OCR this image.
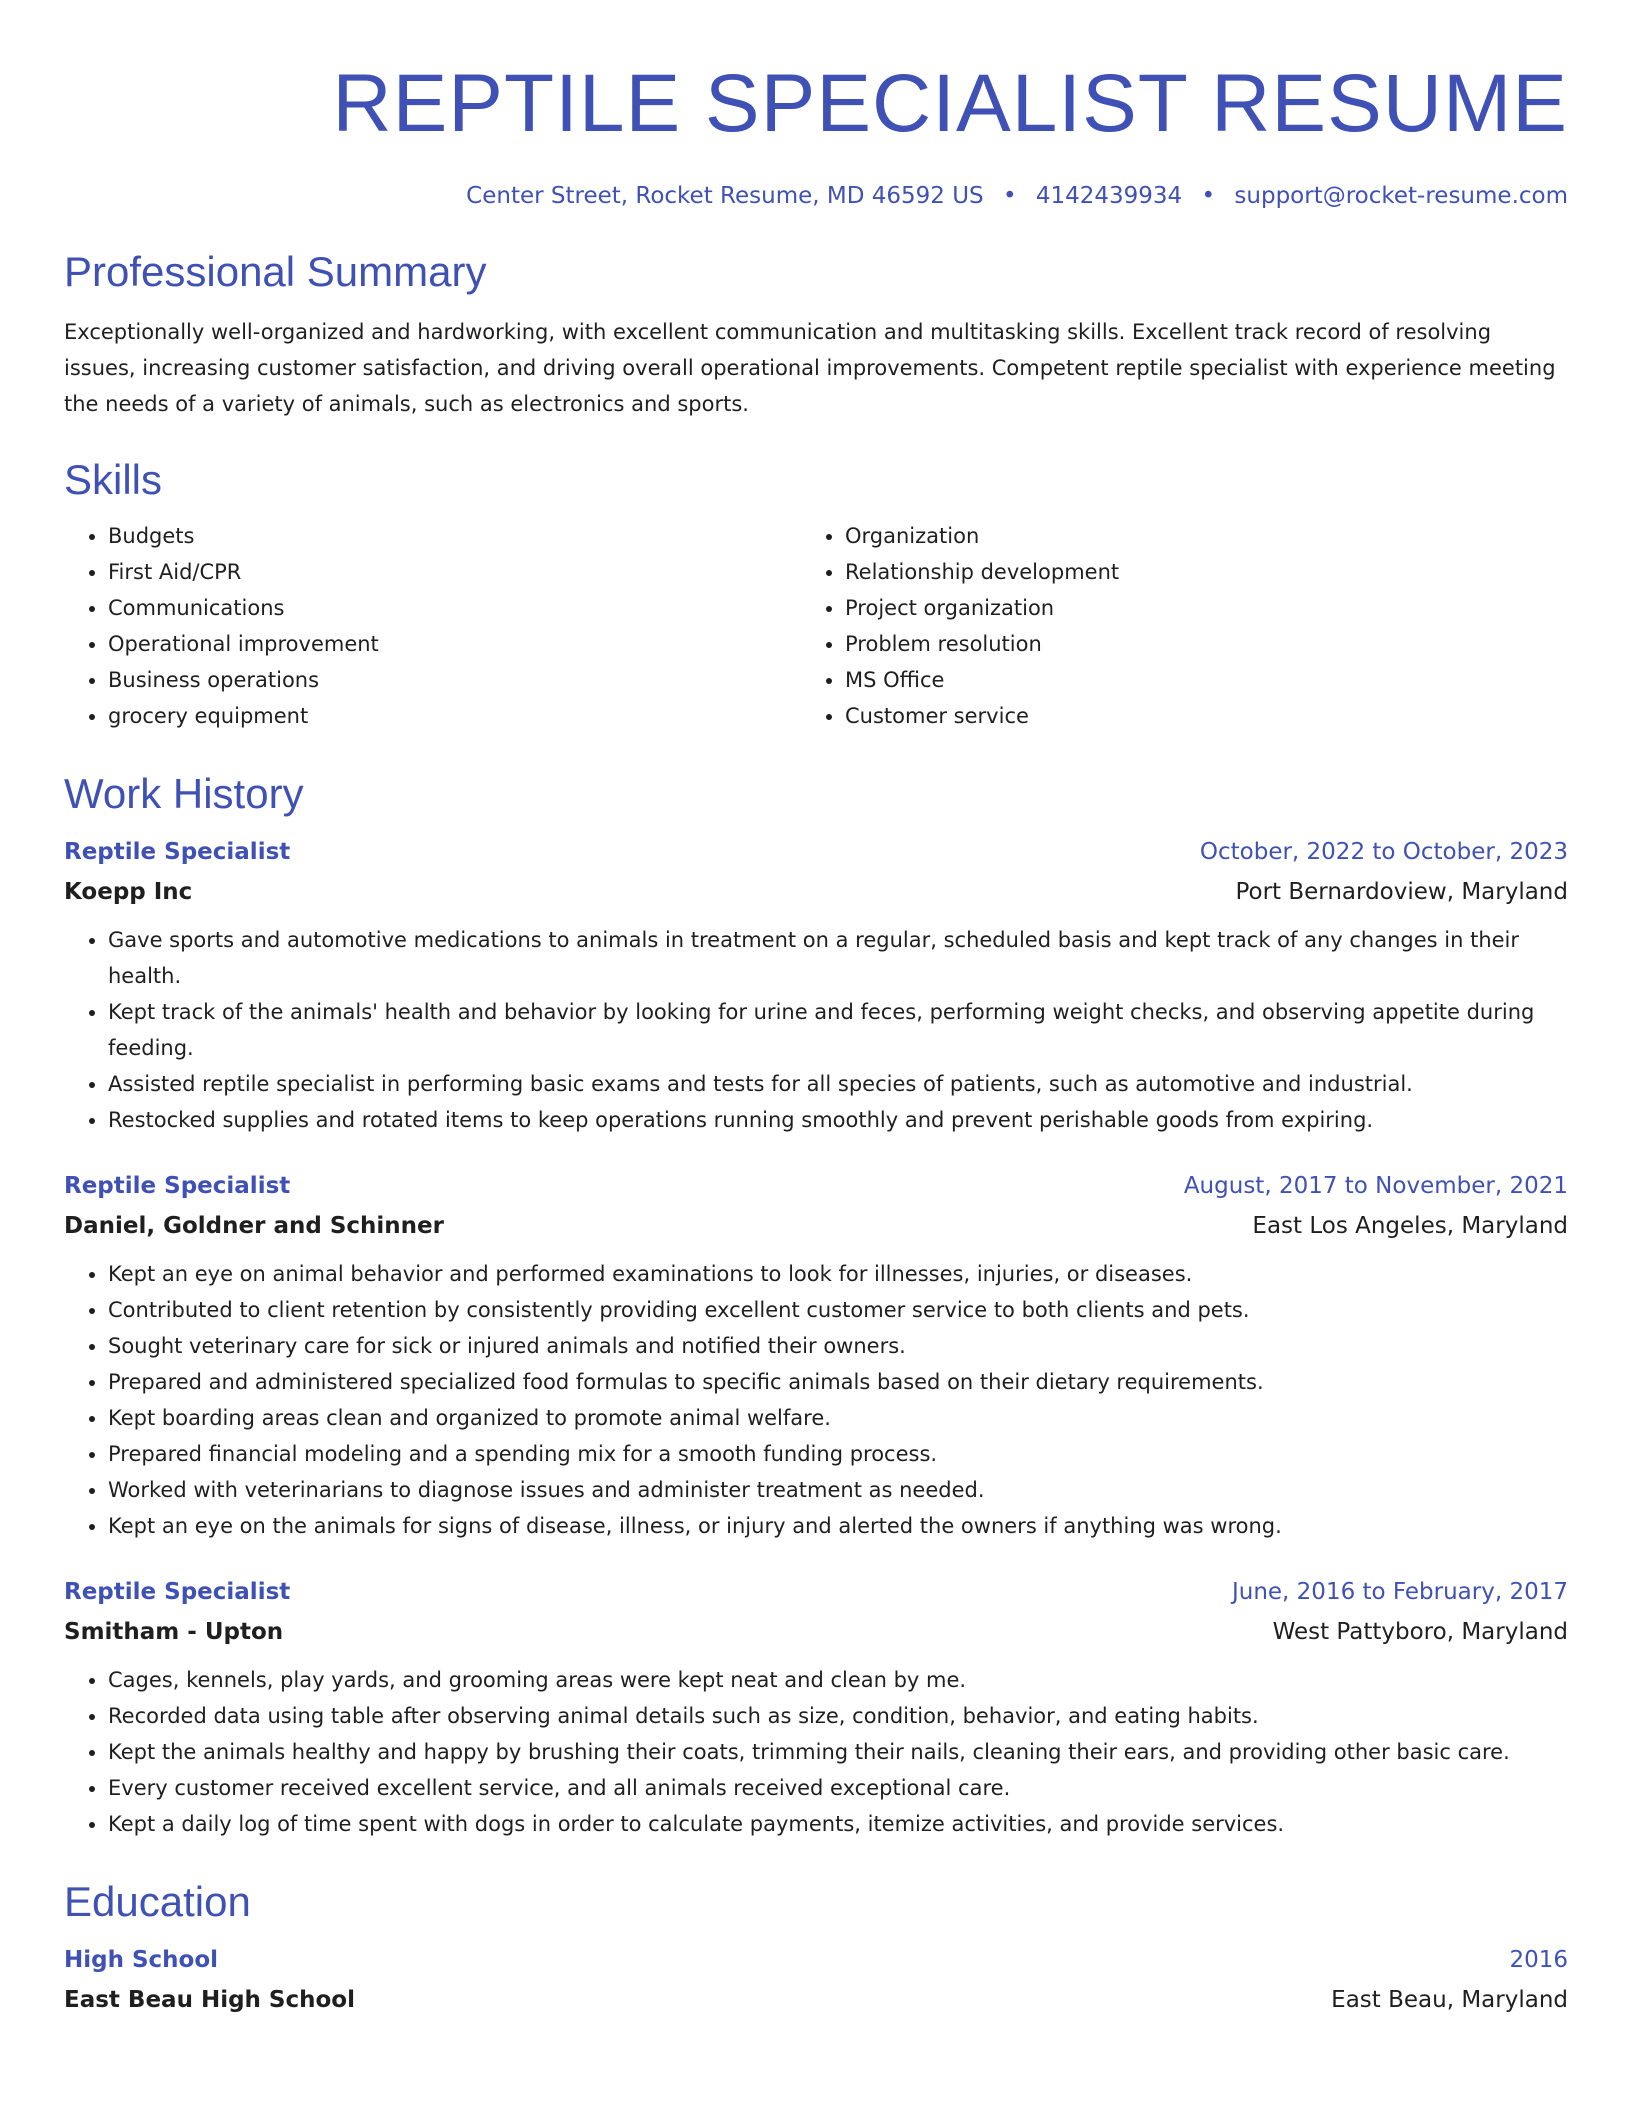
REPTILE SPECIALIST RESUME
Center Street, Rocket Resume, MD 46592 US • 4142439934 • support@rocket-resume.com
Professional Summary

Exceptionally well-organized and hardworking, with excellent communication and multitasking skills. Excellent track record of resolving issues, increasing customer satisfaction, and driving overall operational improvements. Competent reptile specialist with experience meeting the needs of a variety of animals, such as electronics and sports.

Skills
• Budgets
• First Aid/CPR
• Communications
• Operational improvement
• Business operations
• grocery equipment
• Organization
• Relationship development
• Project organization
• Problem resolution
• MS Office
• Customer service
Work History
Reptile Specialist	October, 2022 to October, 2023
Koepp Inc	Port Bernardoview, Maryland
• Gave sports and automotive medications to animals in treatment on a regular, scheduled basis and kept track of any changes in their health.
• Kept track of the animals' health and behavior by looking for urine and feces, performing weight checks, and observing appetite during feeding.
• Assisted reptile specialist in performing basic exams and tests for all species of patients, such as automotive and industrial.
• Restocked supplies and rotated items to keep operations running smoothly and prevent perishable goods from expiring.
Reptile Specialist	August, 2017 to November, 2021
Daniel, Goldner and Schinner	East Los Angeles, Maryland
• Kept an eye on animal behavior and performed examinations to look for illnesses, injuries, or diseases.
• Contributed to client retention by consistently providing excellent customer service to both clients and pets.
• Sought veterinary care for sick or injured animals and notified their owners.
• Prepared and administered specialized food formulas to specific animals based on their dietary requirements.
• Kept boarding areas clean and organized to promote animal welfare.
• Prepared financial modeling and a spending mix for a smooth funding process.
• Worked with veterinarians to diagnose issues and administer treatment as needed.
• Kept an eye on the animals for signs of disease, illness, or injury and alerted the owners if anything was wrong.
Reptile Specialist	June, 2016 to February, 2017
Smitham - Upton	West Pattyboro, Maryland
• Cages, kennels, play yards, and grooming areas were kept neat and clean by me.
• Recorded data using table after observing animal details such as size, condition, behavior, and eating habits.
• Kept the animals healthy and happy by brushing their coats, trimming their nails, cleaning their ears, and providing other basic care.
• Every customer received excellent service, and all animals received exceptional care.
• Kept a daily log of time spent with dogs in order to calculate payments, itemize activities, and provide services.
Education
High School	2016
East Beau High School	East Beau, Maryland
